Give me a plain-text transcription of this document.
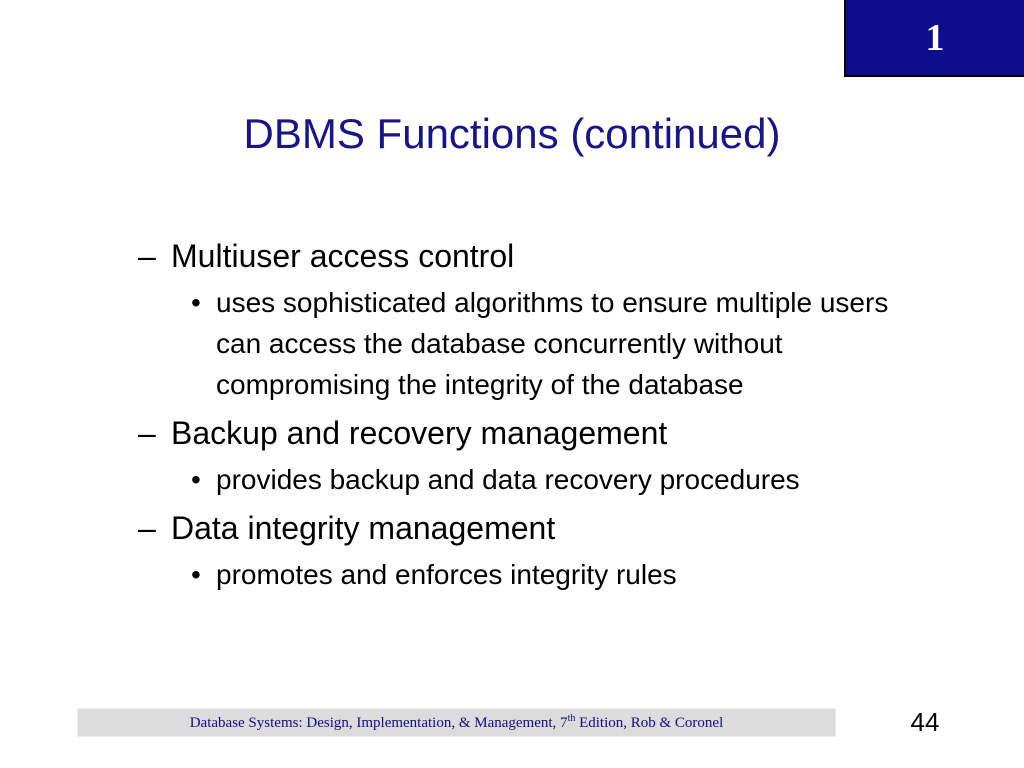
1
DBMS Functions (continued)
– Multiuser access control
• uses sophisticated algorithms to ensure multiple users can access the database concurrently without compromising the integrity of the database
– Backup and recovery management
• provides backup and data recovery procedures
– Data integrity management
• promotes and enforces integrity rules
Database Systems: Design, Implementation, & Management, 7th Edition, Rob & Coronel	44
